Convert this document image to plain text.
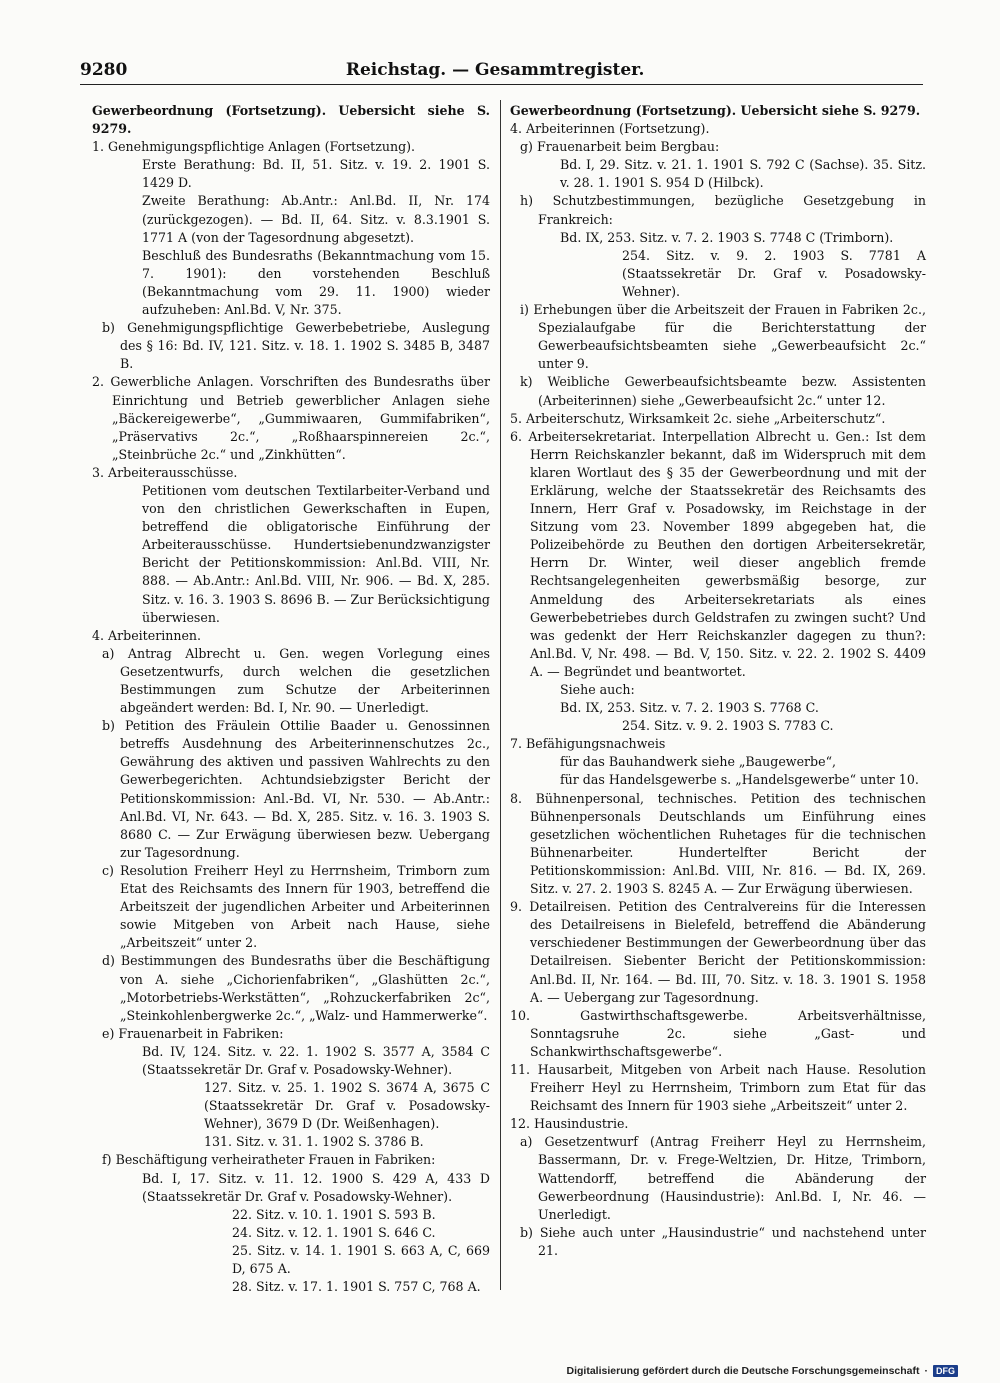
9280	Reichstag. — Gesammtregister.

Gewerbeordnung (Fortsetzung). Uebersicht siehe S. 9279.

1. Genehmigungspflichtige Anlagen (Fortsetzung).

Erste Berathung: Bd. II, 51. Sitz. v. 19. 2. 1901 S. 1429 D.

Zweite Berathung: Ab.Antr.: Anl.Bd. II, Nr. 174 (zurückgezogen). — Bd. II, 64. Sitz. v. 8.3.1901 S. 1771 A (von der Tagesordnung abgesetzt).

Beschluß des Bundesraths (Bekanntmachung vom 15. 7. 1901): den vorstehenden Beschluß (Bekanntmachung vom 29. 11. 1900) wieder aufzuheben: Anl.Bd. V, Nr. 375.

b) Genehmigungspflichtige Gewerbebetriebe, Auslegung des § 16: Bd. IV, 121. Sitz. v. 18. 1. 1902 S. 3485 B, 3487 B.

2. Gewerbliche Anlagen. Vorschriften des Bundesraths über Einrichtung und Betrieb gewerblicher Anlagen siehe „Bäckereigewerbe“, „Gummiwaaren, Gummifabriken“, „Präservativs 2c.“, „Roßhaarspinnereien 2c.“, „Steinbrüche 2c.“ und „Zinkhütten“.

3. Arbeiterausschüsse.

Petitionen vom deutschen Textilarbeiter-Verband und von den christlichen Gewerkschaften in Eupen, betreffend die obligatorische Einführung der Arbeiterausschüsse. Hundertsiebenundzwanzigster Bericht der Petitionskommission: Anl.Bd. VIII, Nr. 888. — Ab.Antr.: Anl.Bd. VIII, Nr. 906. — Bd. X, 285. Sitz. v. 16. 3. 1903 S. 8696 B. — Zur Berücksichtigung überwiesen.

4. Arbeiterinnen.

a) Antrag Albrecht u. Gen. wegen Vorlegung eines Gesetzentwurfs, durch welchen die gesetzlichen Bestimmungen zum Schutze der Arbeiterinnen abgeändert werden: Bd. I, Nr. 90. — Unerledigt.

b) Petition des Fräulein Ottilie Baader u. Genossinnen betreffs Ausdehnung des Arbeiterinnenschutzes 2c., Gewährung des aktiven und passiven Wahlrechts zu den Gewerbegerichten. Achtundsiebzigster Bericht der Petitionskommission: Anl.-Bd. VI, Nr. 530. — Ab.Antr.: Anl.Bd. VI, Nr. 643. — Bd. X, 285. Sitz. v. 16. 3. 1903 S. 8680 C. — Zur Erwägung überwiesen bezw. Uebergang zur Tagesordnung.

c) Resolution Freiherr Heyl zu Herrnsheim, Trimborn zum Etat des Reichsamts des Innern für 1903, betreffend die Arbeitszeit der jugendlichen Arbeiter und Arbeiterinnen sowie Mitgeben von Arbeit nach Hause, siehe „Arbeitszeit“ unter 2.

d) Bestimmungen des Bundesraths über die Beschäftigung von A. siehe „Cichorienfabriken“, „Glashütten 2c.“, „Motorbetriebs-Werkstätten“, „Rohzuckerfabriken 2c“, „Steinkohlenbergwerke 2c.“, „Walz- und Hammerwerke“.

e) Frauenarbeit in Fabriken:

Bd. IV, 124. Sitz. v. 22. 1. 1902 S. 3577 A, 3584 C (Staatssekretär Dr. Graf v. Posadowsky-Wehner).

127. Sitz. v. 25. 1. 1902 S. 3674 A, 3675 C (Staatssekretär Dr. Graf v. Posadowsky-Wehner), 3679 D (Dr. Weißenhagen).

131. Sitz. v. 31. 1. 1902 S. 3786 B.

f) Beschäftigung verheiratheter Frauen in Fabriken:

Bd. I, 17. Sitz. v. 11. 12. 1900 S. 429 A, 433 D (Staatssekretär Dr. Graf v. Posadowsky-Wehner).

22. Sitz. v. 10. 1. 1901 S. 593 B.

24. Sitz. v. 12. 1. 1901 S. 646 C.

25. Sitz. v. 14. 1. 1901 S. 663 A, C, 669 D, 675 A.

28. Sitz. v. 17. 1. 1901 S. 757 C, 768 A.

Gewerbeordnung (Fortsetzung). Uebersicht siehe S. 9279.

4. Arbeiterinnen (Fortsetzung).

g) Frauenarbeit beim Bergbau:

Bd. I, 29. Sitz. v. 21. 1. 1901 S. 792 C (Sachse). 35. Sitz. v. 28. 1. 1901 S. 954 D (Hilbck).

h) Schutzbestimmungen, bezügliche Gesetzgebung in Frankreich:

Bd. IX, 253. Sitz. v. 7. 2. 1903 S. 7748 C (Trimborn).

254. Sitz. v. 9. 2. 1903 S. 7781 A (Staatssekretär Dr. Graf v. Posadowsky-Wehner).

i) Erhebungen über die Arbeitszeit der Frauen in Fabriken 2c., Spezialaufgabe für die Berichterstattung der Gewerbeaufsichtsbeamten siehe „Gewerbeaufsicht 2c.“ unter 9.

k) Weibliche Gewerbeaufsichtsbeamte bezw. Assistenten (Arbeiterinnen) siehe „Gewerbeaufsicht 2c.“ unter 12.

5. Arbeiterschutz, Wirksamkeit 2c. siehe „Arbeiterschutz“.

6. Arbeitersekretariat. Interpellation Albrecht u. Gen.: Ist dem Herrn Reichskanzler bekannt, daß im Widerspruch mit dem klaren Wortlaut des § 35 der Gewerbeordnung und mit der Erklärung, welche der Staatssekretär des Reichsamts des Innern, Herr Graf v. Posadowsky, im Reichstage in der Sitzung vom 23. November 1899 abgegeben hat, die Polizeibehörde zu Beuthen den dortigen Arbeitersekretär, Herrn Dr. Winter, weil dieser angeblich fremde Rechtsangelegenheiten gewerbsmäßig besorge, zur Anmeldung des Arbeitersekretariats als eines Gewerbebetriebes durch Geldstrafen zu zwingen sucht? Und was gedenkt der Herr Reichskanzler dagegen zu thun?: Anl.Bd. V, Nr. 498. — Bd. V, 150. Sitz. v. 22. 2. 1902 S. 4409 A. — Begründet und beantwortet.

Siehe auch:

Bd. IX, 253. Sitz. v. 7. 2. 1903 S. 7768 C.

254. Sitz. v. 9. 2. 1903 S. 7783 C.

7. Befähigungsnachweis

für das Bauhandwerk siehe „Baugewerbe“,

für das Handelsgewerbe s. „Handelsgewerbe“ unter 10.

8. Bühnenpersonal, technisches. Petition des technischen Bühnenpersonals Deutschlands um Einführung eines gesetzlichen wöchentlichen Ruhetages für die technischen Bühnenarbeiter. Hundertelfter Bericht der Petitionskommission: Anl.Bd. VIII, Nr. 816. — Bd. IX, 269. Sitz. v. 27. 2. 1903 S. 8245 A. — Zur Erwägung überwiesen.

9. Detailreisen. Petition des Centralvereins für die Interessen des Detailreisens in Bielefeld, betreffend die Abänderung verschiedener Bestimmungen der Gewerbeordnung über das Detailreisen. Siebenter Bericht der Petitionskommission: Anl.Bd. II, Nr. 164. — Bd. III, 70. Sitz. v. 18. 3. 1901 S. 1958 A. — Uebergang zur Tagesordnung.

10. Gastwirthschaftsgewerbe. Arbeitsverhältnisse, Sonntagsruhe 2c. siehe „Gast- und Schankwirthschaftsgewerbe“.

11. Hausarbeit, Mitgeben von Arbeit nach Hause. Resolution Freiherr Heyl zu Herrnsheim, Trimborn zum Etat für das Reichsamt des Innern für 1903 siehe „Arbeitszeit“ unter 2.

12. Hausindustrie.

a) Gesetzentwurf (Antrag Freiherr Heyl zu Herrnsheim, Bassermann, Dr. v. Frege-Weltzien, Dr. Hitze, Trimborn, Wattendorff, betreffend die Abänderung der Gewerbeordnung (Hausindustrie): Anl.Bd. I, Nr. 46. — Unerledigt.

b) Siehe auch unter „Hausindustrie“ und nachstehend unter 21.

Digitalisierung gefördert durch die Deutsche Forschungsgemeinschaft · DFG
